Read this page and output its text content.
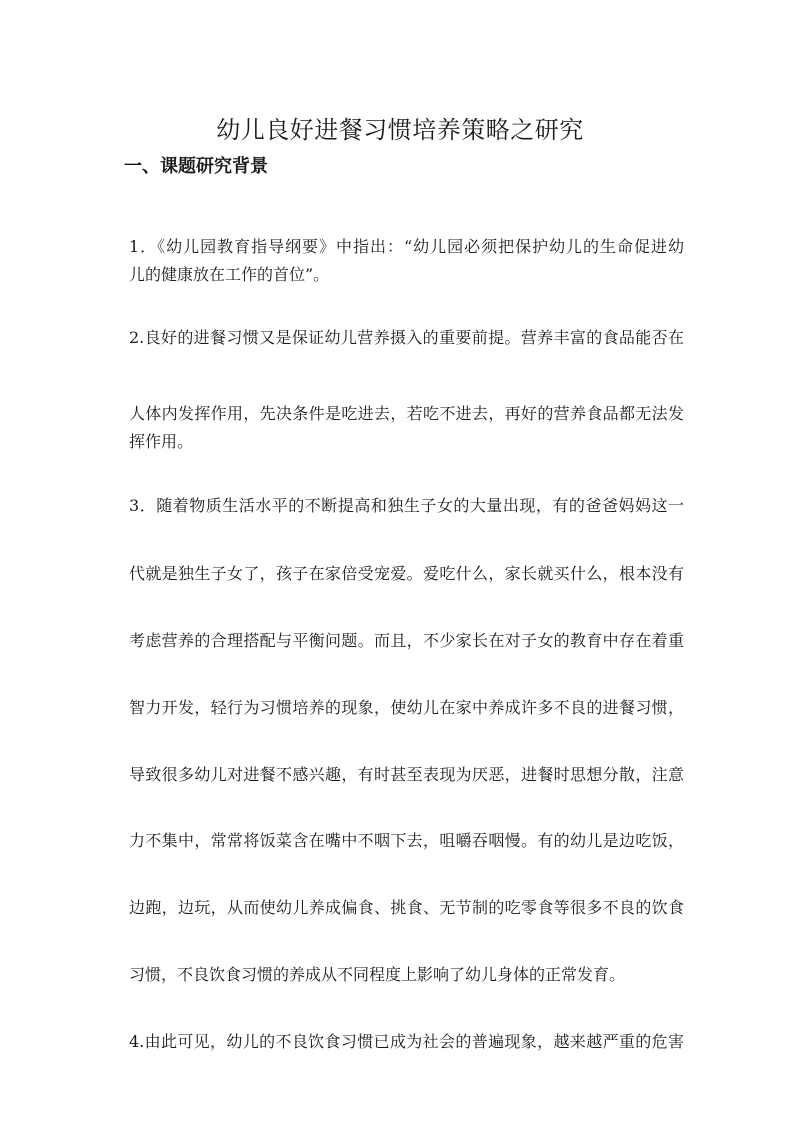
幼儿良好进餐习惯培养策略之研究
一、课题研究背景
1．《幼儿园教育指导纲要》中指出：“幼儿园必须把保护幼儿的生命促进幼
儿的健康放在工作的首位”。
2.良好的进餐习惯又是保证幼儿营养摄入的重要前提。营养丰富的食品能否在
人体内发挥作用，先决条件是吃进去，若吃不进去，再好的营养食品都无法发
挥作用。
3．随着物质生活水平的不断提高和独生子女的大量出现，有的爸爸妈妈这一
代就是独生子女了，孩子在家倍受宠爱。爱吃什么，家长就买什么，根本没有
考虑营养的合理搭配与平衡问题。而且，不少家长在对子女的教育中存在着重
智力开发，轻行为习惯培养的现象，使幼儿在家中养成许多不良的进餐习惯，
导致很多幼儿对进餐不感兴趣，有时甚至表现为厌恶，进餐时思想分散，注意
力不集中，常常将饭菜含在嘴中不咽下去，咀嚼吞咽慢。有的幼儿是边吃饭，
边跑，边玩，从而使幼儿养成偏食、挑食、无节制的吃零食等很多不良的饮食
习惯，不良饮食习惯的养成从不同程度上影响了幼儿身体的正常发育。
4.由此可见，幼儿的不良饮食习惯已成为社会的普遍现象，越来越严重的危害
